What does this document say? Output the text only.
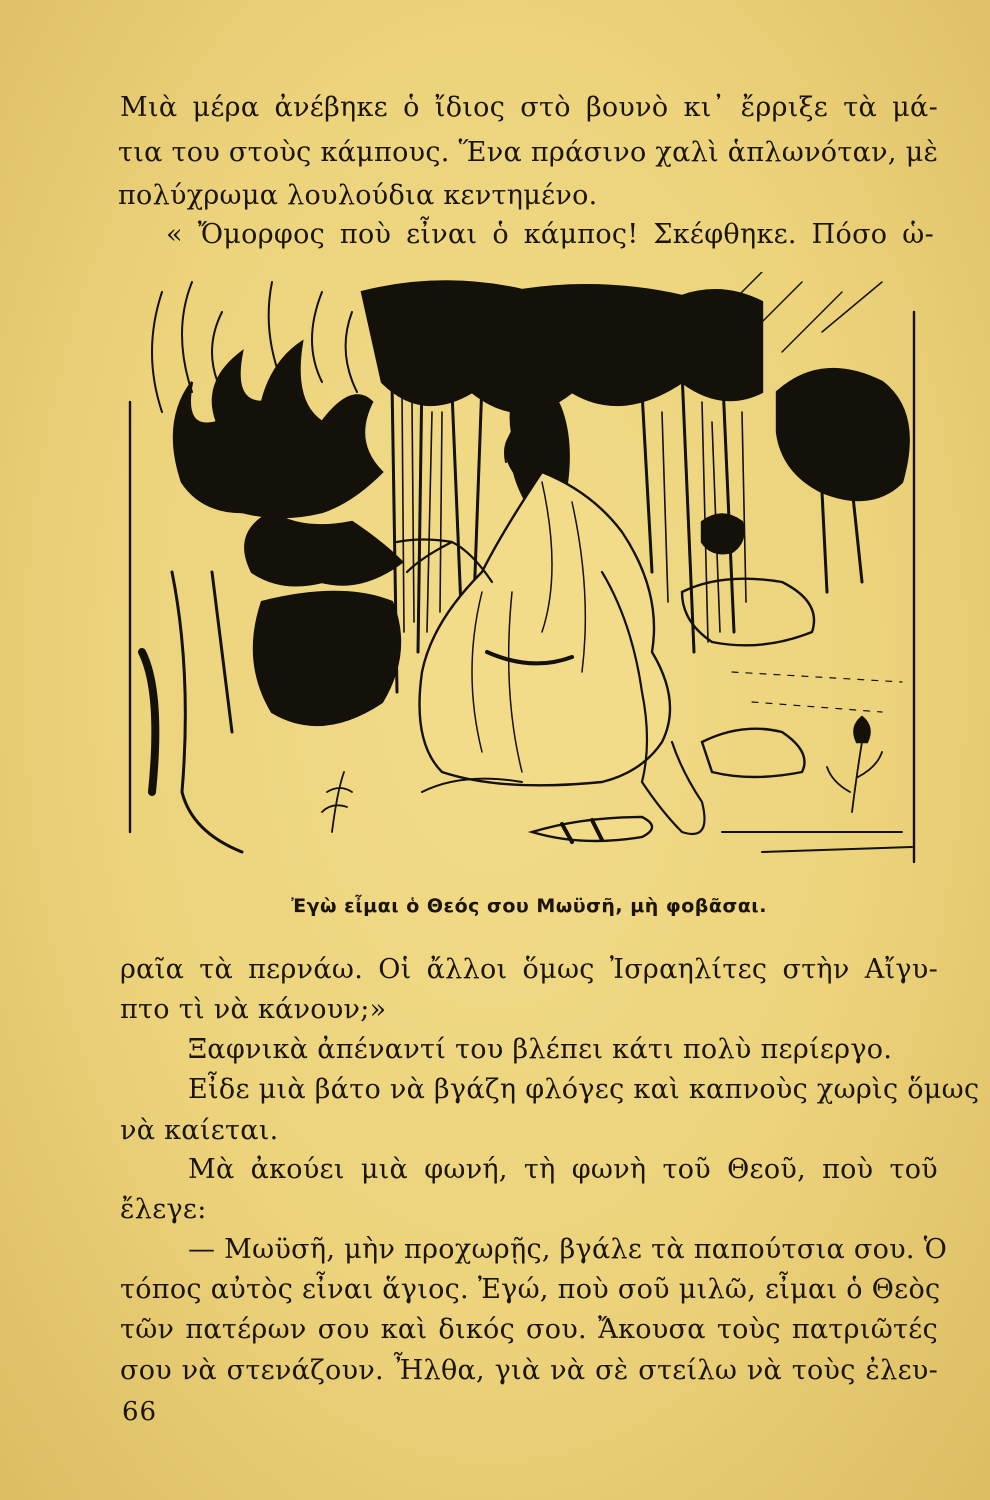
Μιὰ μέρα ἀνέβηκε ὁ ἴδιος στὸ βουνὸ κι᾽ ἔρριξε τὰ μά-
τια του στοὺς κάμπους. Ἕνα πράσινο χαλὶ ἁπλωνόταν, μὲ
πολύχρωμα λουλούδια κεντημένο.
« Ὄμορφος ποὺ εἶναι ὁ κάμπος! Σκέφθηκε. Πόσο ὡ-
Ἐγὼ εἶμαι ὁ Θεός σου Μωϋσῆ, μὴ φοβᾶσαι.
ραῖα τὰ περνάω. Οἱ ἄλλοι ὅμως Ἰσραηλίτες στὴν Αἴγυ-
πτο τὶ νὰ κάνουν;»
Ξαφνικὰ ἀπέναντί του βλέπει κάτι πολὺ περίεργο.
Εἶδε μιὰ βάτο νὰ βγάζη φλόγες καὶ καπνοὺς χωρὶς ὅμως
νὰ καίεται.
Μὰ ἀκούει μιὰ φωνή, τὴ φωνὴ τοῦ Θεοῦ, ποὺ τοῦ
ἔλεγε:
— Μωϋσῆ, μὴν προχωρῇς, βγάλε τὰ παπούτσια σου. Ὁ
τόπος αὐτὸς εἶναι ἅγιος. Ἐγώ, ποὺ σοῦ μιλῶ, εἶμαι ὁ Θεὸς
τῶν πατέρων σου καὶ δικός σου. Ἄκουσα τοὺς πατριῶτές
σου νὰ στενάζουν. Ἦλθα, γιὰ νὰ σὲ στείλω νὰ τοὺς ἐλευ-
66
